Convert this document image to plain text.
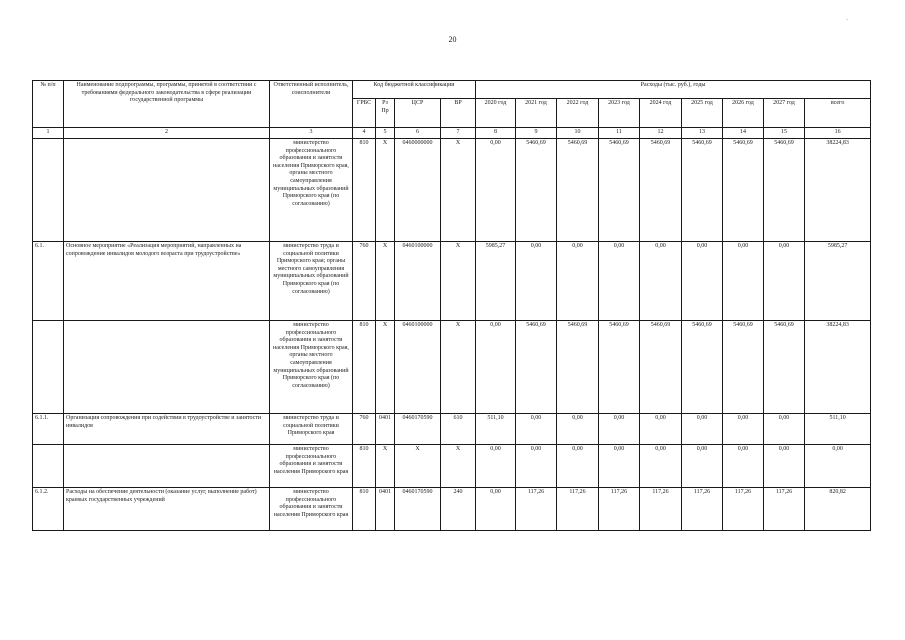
20
-
№ п/п	Наименование подпрограммы, программы, принятой в соответствии с требованиями федерального законодательства в сфере реализации государственной программы	Ответственный исполнитель, соисполнители	Код бюджетной классификации				Расходы (тыс. руб.), годы								
			ГРБС	Рз Пр	ЦСР	ВР	2020 год	2021 год	2022 год	2023 год	2024 год	2025 год	2026 год	2027 год	всего
1	2	3	4	5	6	7	8	9	10	11	12	13	14	15	16
		министерство профессионального образования и занятости населения Приморского края, органы местного самоуправления муниципальных образований Приморского края (по согласованию)	810	X	0460000000	X	0,00	5460,69	5460,69	5460,69	5460,69	5460,69	5460,69	5460,69	38224,83
6.1.	Основное мероприятие «Реализация мероприятий, направленных на сопровождение инвалидов молодого возраста при трудоустройстве»	министерство труда и социальной политики Приморского края; органы местного самоуправления муниципальных образований Приморского края (по согласованию)	760	X	0460100000	X	5985,27	0,00	0,00	0,00	0,00	0,00	0,00	0,00	5985,27
		министерство профессионального образования и занятости населения Приморского края, органы местного самоуправления муниципальных образований Приморского края (по согласованию)	810	X	0460100000	X	0,00	5460,69	5460,69	5460,69	5460,69	5460,69	5460,69	5460,69	38224,83
6.1.1.	Организация сопровождения при содействии в трудоустройстве и занятости инвалидов	министерство труда и социальной политики Приморского края	760	0401	0460170590	610	511,10	0,00	0,00	0,00	0,00	0,00	0,00	0,00	511,10
		министерство профессионального образования и занятости населения Приморского края	810	X	X	X	0,00	0,00	0,00	0,00	0,00	0,00	0,00	0,00	0,00
6.1.2.	Расходы на обеспечение деятельности (оказание услуг, выполнение работ) краевых государственных учреждений	министерство профессионального образования и занятости населения Приморского края	810	0401	0460170590	240	0,00	117,26	117,26	117,26	117,26	117,26	117,26	117,26	820,82
